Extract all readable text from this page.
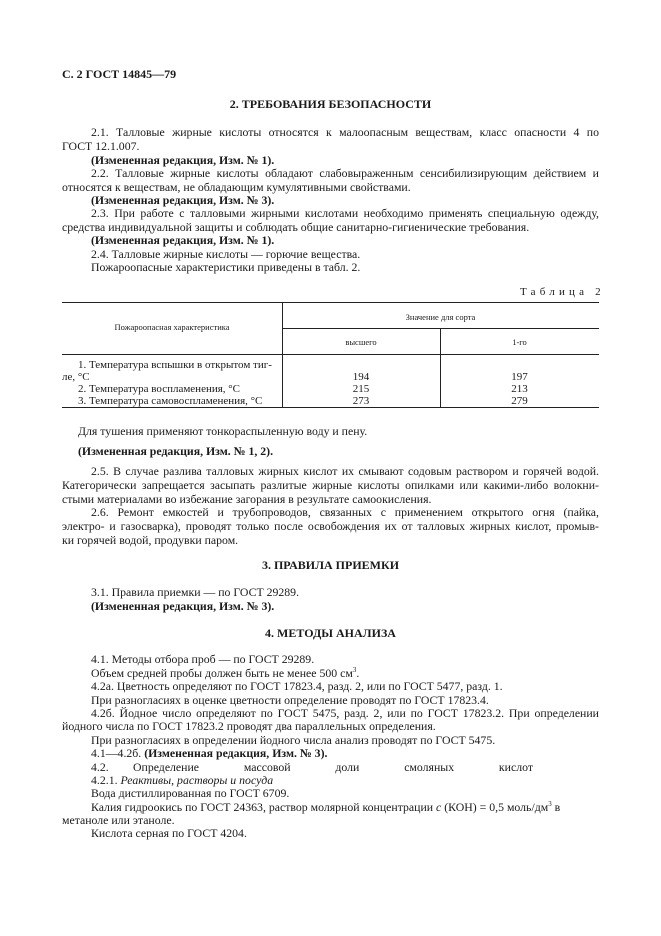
С. 2 ГОСТ 14845—79
2. ТРЕБОВАНИЯ БЕЗОПАСНОСТИ
2.1. Талловые жирные кислоты относятся к малоопасным веществам, класс опасности 4 по
ГОСТ 12.1.007.
(Измененная редакция, Изм. № 1).
2.2. Талловые жирные кислоты обладают слабовыраженным сенсибилизирующим действием и
относятся к веществам, не обладающим кумулятивными свойствами.
(Измененная редакция, Изм. № 3).
2.3. При работе с талловыми жирными кислотами необходимо применять специальную одежду,
средства индивидуальной защиты и соблюдать общие санитарно-гигиенические требования.
(Измененная редакция, Изм. № 1).
2.4. Талловые жирные кислоты — горючие вещества.
Пожароопасные характеристики приведены в табл. 2.
Таблица 2
Пожароопасная характеристика
Значение для сорта
высшего	1-го
1. Температура вспышки в открытом тиг-
ле, °С	194	197
2. Температура воспламенения, °С	215	213
3. Температура самовоспламенения, °С	273	279
Для тушения применяют тонкораспыленную воду и пену.
(Измененная редакция, Изм. № 1, 2).
2.5. В случае разлива талловых жирных кислот их смывают содовым раствором и горячей водой.
Категорически запрещается засыпать разлитые жирные кислоты опилками или какими-либо волокни-
стыми материалами во избежание загорания в результате самоокисления.
2.6. Ремонт емкостей и трубопроводов, связанных с применением открытого огня (пайка,
электро- и газосварка), проводят только после освобождения их от талловых жирных кислот, промыв-
ки горячей водой, продувки паром.
3. ПРАВИЛА ПРИЕМКИ
3.1. Правила приемки — по ГОСТ 29289.
(Измененная редакция, Изм. № 3).
4. МЕТОДЫ АНАЛИЗА
4.1. Методы отбора проб — по ГОСТ 29289.
Объем средней пробы должен быть не менее 500 $см^3$.
4.2а. Цветность определяют по ГОСТ 17823.4, разд. 2, или по ГОСТ 5477, разд. 1.
При разногласиях в оценке цветности определение проводят по ГОСТ 17823.4.
4.2б. Йодное число определяют по ГОСТ 5475, разд. 2, или по ГОСТ 17823.2. При определении
йодного числа по ГОСТ 17823.2 проводят два параллельных определения.
При разногласиях в определении йодного числа анализ проводят по ГОСТ 5475.
4.1—4.2б. (Измененная редакция, Изм. № 3).
4.2. Определение массовой доли смоляных кислот
4.2.1. Реактивы, растворы и посуда
Вода дистиллированная по ГОСТ 6709.
Калия гидроокись по ГОСТ 24363, раствор молярной концентрации с (КОН) = 0,5 моль/$дм^3$ в
метаноле или этаноле.
Кислота серная по ГОСТ 4204.
